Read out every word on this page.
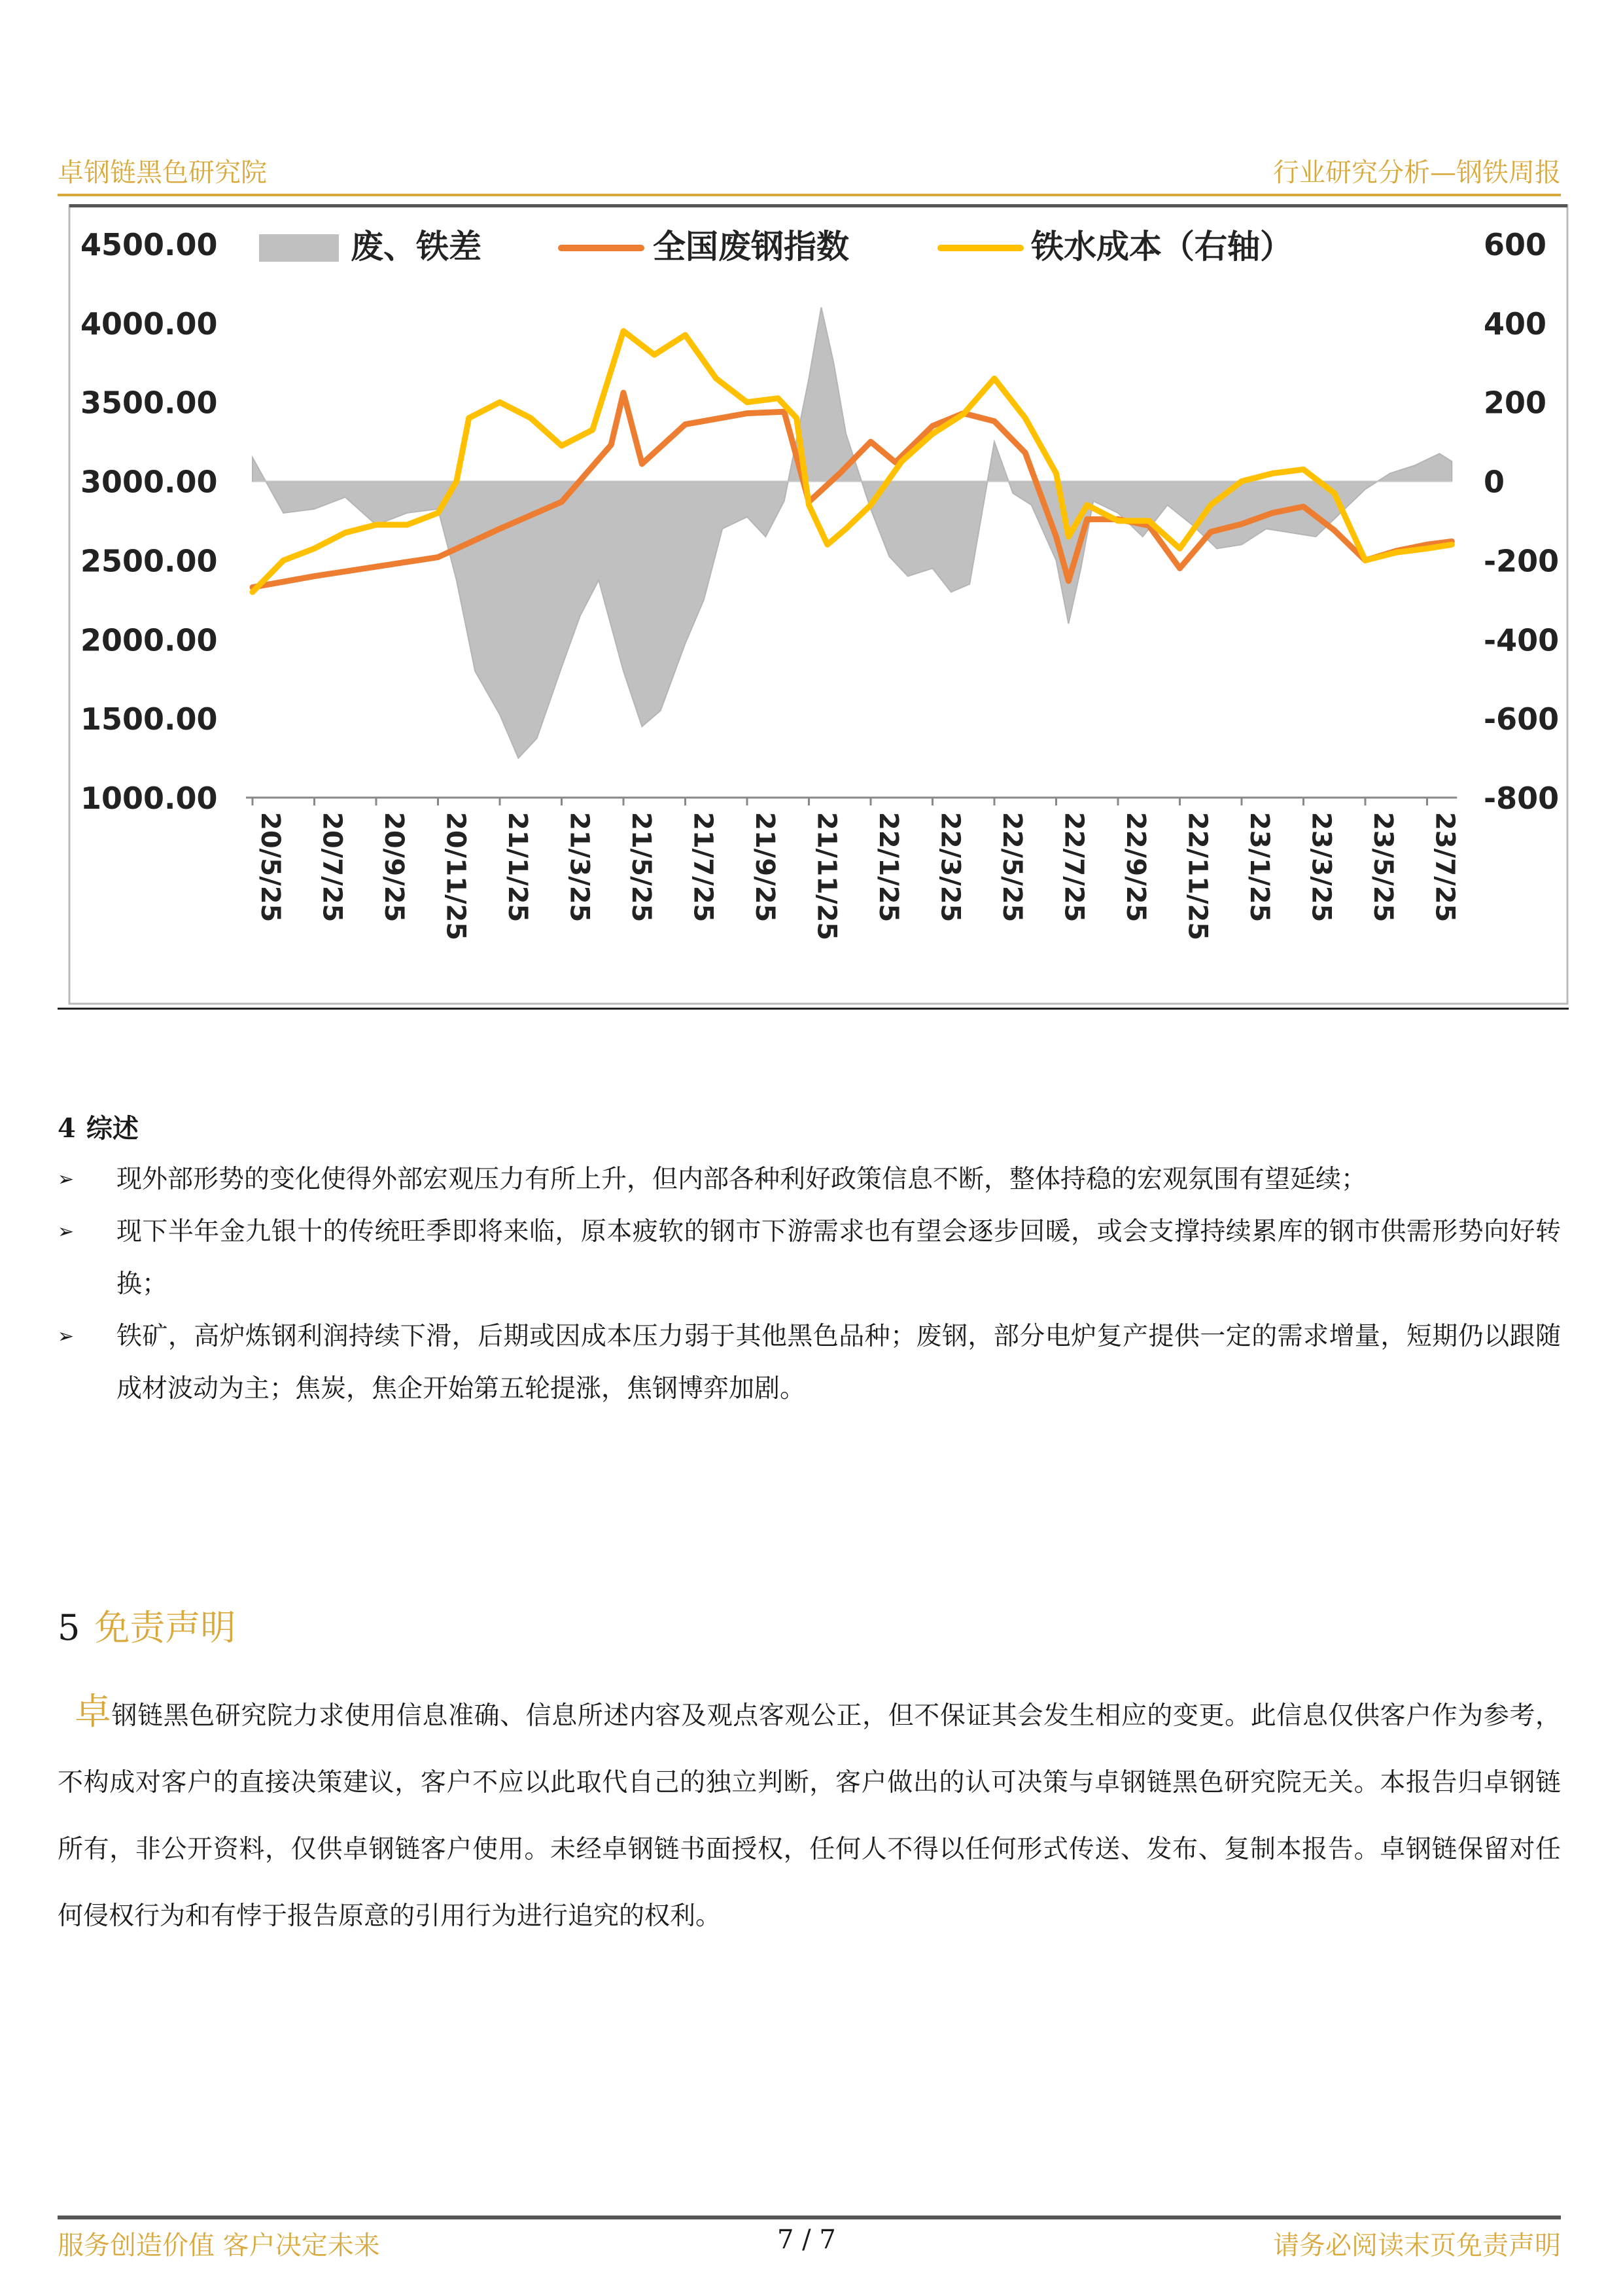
卓钢链黑色研究院	行业研究分析—钢铁周报
4500.00
4000.00
3500.00
3000.00
2500.00
2000.00
1500.00
1000.00
600
400
200
0
-200
-400
-600
-800
20/5/25 20/7/25 20/9/25 20/11/25 21/1/25 21/3/25 21/5/25 21/7/25 21/9/25 21/11/25 22/1/25 22/3/25 22/5/25 22/7/25 22/9/25 22/11/25 23/1/25 23/3/25 23/5/25 23/7/25
废、铁差	全国废钢指数	铁水成本（右轴）
4 综述
➢	现外部形势的变化使得外部宏观压力有所上升，但内部各种利好政策信息不断，整体持稳的宏观氛围有望延续；
➢	现下半年金九银十的传统旺季即将来临，原本疲软的钢市下游需求也有望会逐步回暖，或会支撑持续累库的钢市供需形势向好转换；
➢	铁矿，高炉炼钢利润持续下滑，后期或因成本压力弱于其他黑色品种；废钢，部分电炉复产提供一定的需求增量，短期仍以跟随成材波动为主；焦炭，焦企开始第五轮提涨，焦钢博弈加剧。
5 免责声明
卓钢链黑色研究院力求使用信息准确、信息所述内容及观点客观公正，但不保证其会发生相应的变更。此信息仅供客户作为参考，不构成对客户的直接决策建议，客户不应以此取代自己的独立判断，客户做出的认可决策与卓钢链黑色研究院无关。本报告归卓钢链所有，非公开资料，仅供卓钢链客户使用。未经卓钢链书面授权，任何人不得以任何形式传送、发布、复制本报告。卓钢链保留对任何侵权行为和有悖于报告原意的引用行为进行追究的权利。
服务创造价值 客户决定未来	7 / 7	请务必阅读末页免责声明
